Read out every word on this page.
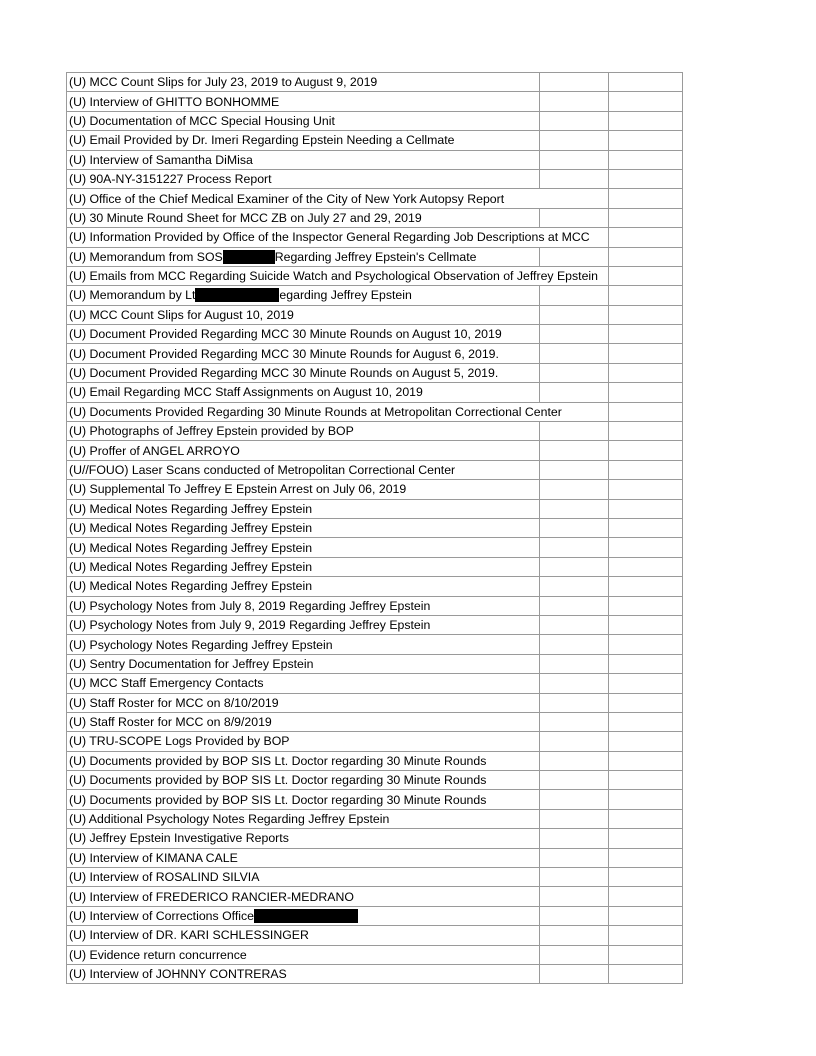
(U) MCC Count Slips for July 23, 2019 to August 9, 2019		
(U) Interview of GHITTO BONHOMME		
(U) Documentation of MCC Special Housing Unit		
(U) Email Provided by Dr. Imeri Regarding Epstein Needing a Cellmate		
(U) Interview of Samantha DiMisa		
(U) 90A-NY-3151227 Process Report		
(U) Office of the Chief Medical Examiner of the City of New York Autopsy Report		
(U) 30 Minute Round Sheet for MCC ZB on July 27 and 29, 2019		
(U) Information Provided by Office of the Inspector General Regarding Job Descriptions at MCC		
(U) Memorandum from SOS Regarding Jeffrey Epstein's Cellmate		
(U) Emails from MCC Regarding Suicide Watch and Psychological Observation of Jeffrey Epstein		
(U) Memorandum by Lt egarding Jeffrey Epstein		
(U) MCC Count Slips for August 10, 2019		
(U) Document Provided Regarding MCC 30 Minute Rounds on August 10, 2019		
(U) Document Provided Regarding MCC 30 Minute Rounds for August 6, 2019.		
(U) Document Provided Regarding MCC 30 Minute Rounds on August 5, 2019.		
(U) Email Regarding MCC Staff Assignments on August 10, 2019		
(U) Documents Provided Regarding 30 Minute Rounds at Metropolitan Correctional Center		
(U) Photographs of Jeffrey Epstein provided by BOP		
(U) Proffer of ANGEL ARROYO		
(U//FOUO) Laser Scans conducted of Metropolitan Correctional Center		
(U) Supplemental To Jeffrey E Epstein Arrest on July 06, 2019		
(U) Medical Notes Regarding Jeffrey Epstein		
(U) Medical Notes Regarding Jeffrey Epstein		
(U) Medical Notes Regarding Jeffrey Epstein		
(U) Medical Notes Regarding Jeffrey Epstein		
(U) Medical Notes Regarding Jeffrey Epstein		
(U) Psychology Notes from July 8, 2019 Regarding Jeffrey Epstein		
(U) Psychology Notes from July 9, 2019 Regarding Jeffrey Epstein		
(U) Psychology Notes Regarding Jeffrey Epstein		
(U) Sentry Documentation for Jeffrey Epstein		
(U) MCC Staff Emergency Contacts		
(U) Staff Roster for MCC on 8/10/2019		
(U) Staff Roster for MCC on 8/9/2019		
(U) TRU-SCOPE Logs Provided by BOP		
(U) Documents provided by BOP SIS Lt. Doctor regarding 30 Minute Rounds		
(U) Documents provided by BOP SIS Lt. Doctor regarding 30 Minute Rounds		
(U) Documents provided by BOP SIS Lt. Doctor regarding 30 Minute Rounds		
(U) Additional Psychology Notes Regarding Jeffrey Epstein		
(U) Jeffrey Epstein Investigative Reports		
(U) Interview of KIMANA CALE		
(U) Interview of ROSALIND SILVIA		
(U) Interview of FREDERICO RANCIER-MEDRANO		
(U) Interview of Corrections Office		
(U) Interview of DR. KARI SCHLESSINGER		
(U) Evidence return concurrence		
(U) Interview of JOHNNY CONTRERAS		
